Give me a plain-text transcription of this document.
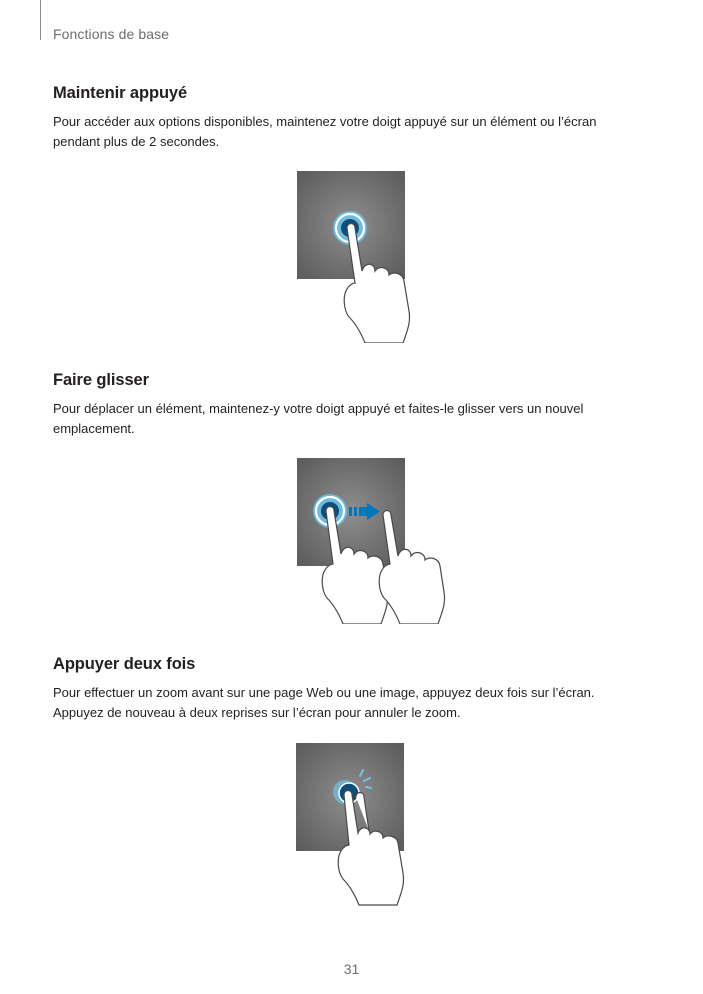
Fonctions de base
Maintenir appuyé

Pour accéder aux options disponibles, maintenez votre doigt appuyé sur un élément ou l’écran pendant plus de 2 secondes.

Faire glisser

Pour déplacer un élément, maintenez-y votre doigt appuyé et faites-le glisser vers un nouvel emplacement.

Appuyer deux fois

Pour effectuer un zoom avant sur une page Web ou une image, appuyez deux fois sur l’écran. Appuyez de nouveau à deux reprises sur l’écran pour annuler le zoom.

31
